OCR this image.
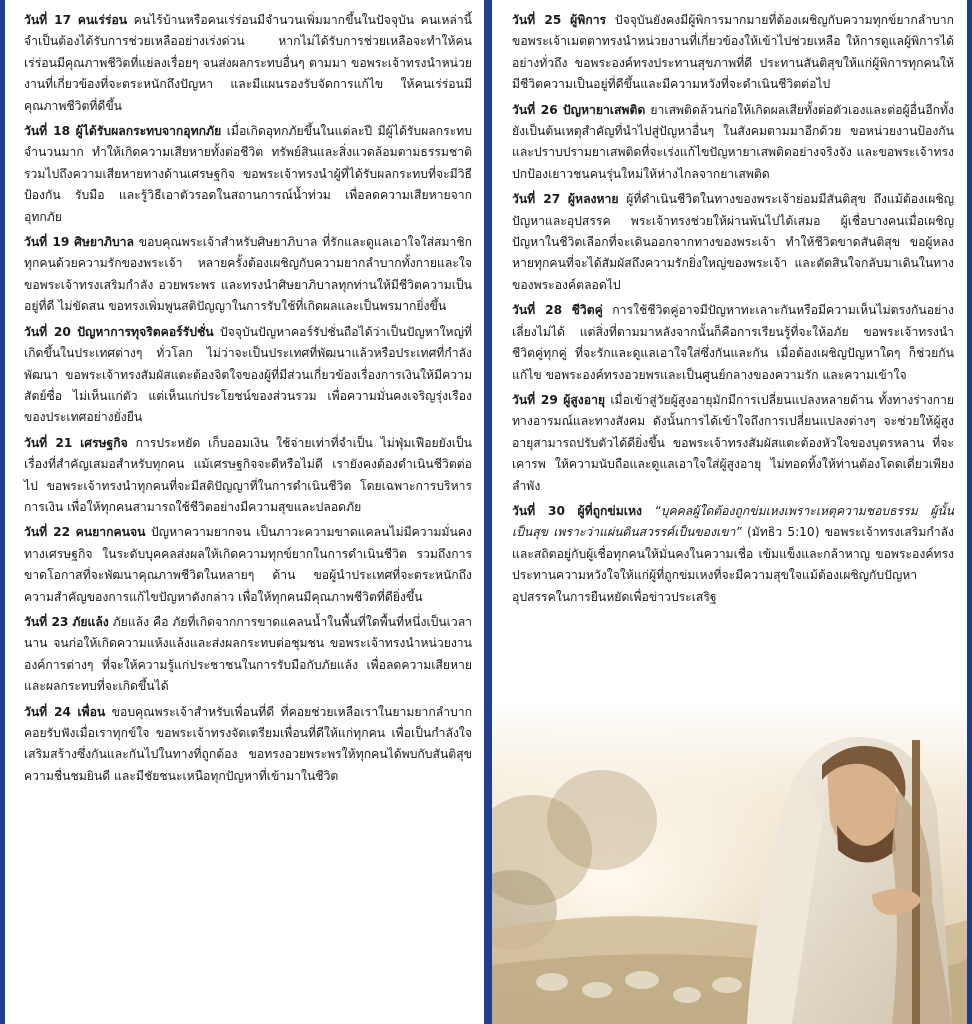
วันที่ 17 คนเร่ร่อน คนไร้บ้านหรือคนเร่ร่อนมีจำนวนเพิ่มมากขึ้นในปัจจุบัน คนเหล่านี้จำเป็นต้องได้รับการช่วยเหลืออย่างเร่งด่วน หากไม่ได้รับการช่วยเหลือจะทำให้คนเร่ร่อนมีคุณภาพชีวิตที่แย่ลงเรื่อยๆ จนส่งผลกระทบอื่นๆ ตามมา ขอพระเจ้าทรงนำหน่วยงานที่เกี่ยวข้องที่จะตระหนักถึงปัญหา และมีแผนรองรับจัดการแก้ไข ให้คนเร่ร่อนมีคุณภาพชีวิตที่ดีขึ้น

วันที่ 18 ผู้ได้รับผลกระทบจากอุทกภัย เมื่อเกิดอุทกภัยขึ้นในแต่ละปี มีผู้ได้รับผลกระทบจำนวนมาก ทำให้เกิดความเสียหายทั้งต่อชีวิต ทรัพย์สินและสิ่งแวดล้อมตามธรรมชาติ รวมไปถึงความเสียหายทางด้านเศรษฐกิจ ขอพระเจ้าทรงนำผู้ที่ได้รับผลกระทบที่จะมีวิธีป้องกัน รับมือ และรู้วิธีเอาตัวรอดในสถานการณ์น้ำท่วม เพื่อลดความเสียหายจากอุทกภัย

วันที่ 19 ศิษยาภิบาล ขอบคุณพระเจ้าสำหรับศิษยาภิบาล ที่รักและดูแลเอาใจใส่สมาชิกทุกคนด้วยความรักของพระเจ้า หลายครั้งต้องเผชิญกับความยากลำบากทั้งกายและใจ ขอพระเจ้าทรงเสริมกำลัง อวยพระพร และทรงนำศิษยาภิบาลทุกท่านให้มีชีวิตความเป็นอยู่ที่ดี ไม่ขัดสน ขอทรงเพิ่มพูนสติปัญญาในการรับใช้ที่เกิดผลและเป็นพรมากยิ่งขึ้น

วันที่ 20 ปัญหาการทุจริตคอร์รัปชั่น ปัจจุบันปัญหาคอร์รัปชั่นถือได้ว่าเป็นปัญหาใหญ่ที่เกิดขึ้นในประเทศต่างๆ ทั่วโลก ไม่ว่าจะเป็นประเทศที่พัฒนาแล้วหรือประเทศที่กำลังพัฒนา ขอพระเจ้าทรงสัมผัสแตะต้องจิตใจของผู้ที่มีส่วนเกี่ยวข้องเรื่องการเงินให้มีความสัตย์ซื่อ ไม่เห็นแก่ตัว แต่เห็นแก่ประโยชน์ของส่วนรวม เพื่อความมั่นคงเจริญรุ่งเรืองของประเทศอย่างยั่งยืน

วันที่ 21 เศรษฐกิจ การประหยัด เก็บออมเงิน ใช้จ่ายเท่าที่จำเป็น ไม่ฟุ่มเฟือยยังเป็นเรื่องที่สำคัญเสมอสำหรับทุกคน แม้เศรษฐกิจจะดีหรือไม่ดี เรายังคงต้องดำเนินชีวิตต่อไป ขอพระเจ้าทรงนำทุกคนที่จะมีสติปัญญาที่ในการดำเนินชีวิต โดยเฉพาะการบริหารการเงิน เพื่อให้ทุกคนสามารถใช้ชีวิตอย่างมีความสุขและปลอดภัย

วันที่ 22 คนยากคนจน ปัญหาความยากจน เป็นภาวะความขาดแคลนไม่มีความมั่นคงทางเศรษฐกิจ ในระดับบุคคลส่งผลให้เกิดความทุกข์ยากในการดำเนินชีวิต รวมถึงการขาดโอกาสที่จะพัฒนาคุณภาพชีวิตในหลายๆ ด้าน ขอผู้นำประเทศที่จะตระหนักถึงความสำคัญของการแก้ไขปัญหาดังกล่าว เพื่อให้ทุกคนมีคุณภาพชีวิตที่ดียิ่งขึ้น

วันที่ 23 ภัยแล้ง ภัยแล้ง คือ ภัยที่เกิดจากการขาดแคลนน้ำในพื้นที่ใดพื้นที่หนึ่งเป็นเวลานาน จนก่อให้เกิดความแห้งแล้งและส่งผลกระทบต่อชุมชน ขอพระเจ้าทรงนำหน่วยงาน องค์การต่างๆ ที่จะให้ความรู้แก่ประชาชนในการรับมือกับภัยแล้ง เพื่อลดความเสียหายและผลกระทบที่จะเกิดขึ้นได้

วันที่ 24 เพื่อน ขอบคุณพระเจ้าสำหรับเพื่อนที่ดี ที่คอยช่วยเหลือเราในยามยากลำบาก คอยรับฟังเมื่อเราทุกข์ใจ ขอพระเจ้าทรงจัดเตรียมเพื่อนที่ดีให้แก่ทุกคน เพื่อเป็นกำลังใจ เสริมสร้างซึ่งกันและกันไปในทางที่ถูกต้อง ขอทรงอวยพระพรให้ทุกคนได้พบกับสันติสุข ความชื่นชมยินดี และมีชัยชนะเหนือทุกปัญหาที่เข้ามาในชีวิต

วันที่ 25 ผู้พิการ ปัจจุบันยังคงมีผู้พิการมากมายที่ต้องเผชิญกับความทุกข์ยากลำบาก ขอพระเจ้าเมตตาทรงนำหน่วยงานที่เกี่ยวข้องให้เข้าไปช่วยเหลือ ให้การดูแลผู้พิการได้อย่างทั่วถึง ขอพระองค์ทรงประทานสุขภาพที่ดี ประทานสันติสุขให้แก่ผู้พิการทุกคนให้มีชีวิตความเป็นอยู่ที่ดีขึ้นและมีความหวังที่จะดำเนินชีวิตต่อไป

วันที่ 26 ปัญหายาเสพติด ยาเสพติดล้วนก่อให้เกิดผลเสียทั้งต่อตัวเองและต่อผู้อื่นอีกทั้งยังเป็นต้นเหตุสำคัญที่นำไปสู่ปัญหาอื่นๆ ในสังคมตามมาอีกด้วย ขอหน่วยงานป้องกันและปราบปรามยาเสพติดที่จะเร่งแก้ไขปัญหายาเสพติดอย่างจริงจัง และขอพระเจ้าทรงปกป้องเยาวชนคนรุ่นใหม่ให้ห่างไกลจากยาเสพติด

วันที่ 27 ผู้หลงหาย ผู้ที่ดำเนินชีวิตในทางของพระเจ้าย่อมมีสันติสุข ถึงแม้ต้องเผชิญปัญหาและอุปสรรค พระเจ้าทรงช่วยให้ผ่านพ้นไปได้เสมอ ผู้เชื่อบางคนเมื่อเผชิญปัญหาในชีวิตเลือกที่จะเดินออกจากทางของพระเจ้า ทำให้ชีวิตขาดสันติสุข ขอผู้หลงหายทุกคนที่จะได้สัมผัสถึงความรักยิ่งใหญ่ของพระเจ้า และตัดสินใจกลับมาเดินในทางของพระองค์ตลอดไป

วันที่ 28 ชีวิตคู่ การใช้ชีวิตคู่อาจมีปัญหาทะเลาะกันหรือมีความเห็นไม่ตรงกันอย่างเลี่ยงไม่ได้ แต่สิ่งที่ตามมาหลังจากนั้นก็คือการเรียนรู้ที่จะให้อภัย ขอพระเจ้าทรงนำชีวิตคู่ทุกคู่ ที่จะรักและดูแลเอาใจใส่ซึ่งกันและกัน เมื่อต้องเผชิญปัญหาใดๆ ก็ช่วยกันแก้ไข ขอพระองค์ทรงอวยพรและเป็นศูนย์กลางของความรัก และความเข้าใจ

วันที่ 29 ผู้สูงอายุ เมื่อเข้าสู่วัยผู้สูงอายุมักมีการเปลี่ยนแปลงหลายด้าน ทั้งทางร่างกาย ทางอารมณ์และทางสังคม ดังนั้นการได้เข้าใจถึงการเปลี่ยนแปลงต่างๆ จะช่วยให้ผู้สูงอายุสามารถปรับตัวได้ดียิ่งขึ้น ขอพระเจ้าทรงสัมผัสแตะต้องหัวใจของบุตรหลาน ที่จะเคารพ ให้ความนับถือและดูแลเอาใจใส่ผู้สูงอายุ ไม่ทอดทิ้งให้ท่านต้องโดดเดี่ยวเพียงลำพัง

วันที่ 30 ผู้ที่ถูกข่มเหง “บุคคลผู้ใดต้องถูกข่มเหงเพราะเหตุความชอบธรรม ผู้นั้นเป็นสุข เพราะว่าแผ่นดินสวรรค์เป็นของเขา” (มัทธิว 5:10) ขอพระเจ้าทรงเสริมกำลังและสถิตอยู่กับผู้เชื่อทุกคนให้มั่นคงในความเชื่อ เข้มแข็งและกล้าหาญ ขอพระองค์ทรงประทานความหวังใจให้แก่ผู้ที่ถูกข่มเหงที่จะมีความสุขใจแม้ต้องเผชิญกับปัญหาอุปสรรคในการยืนหยัดเพื่อข่าวประเสริฐ
